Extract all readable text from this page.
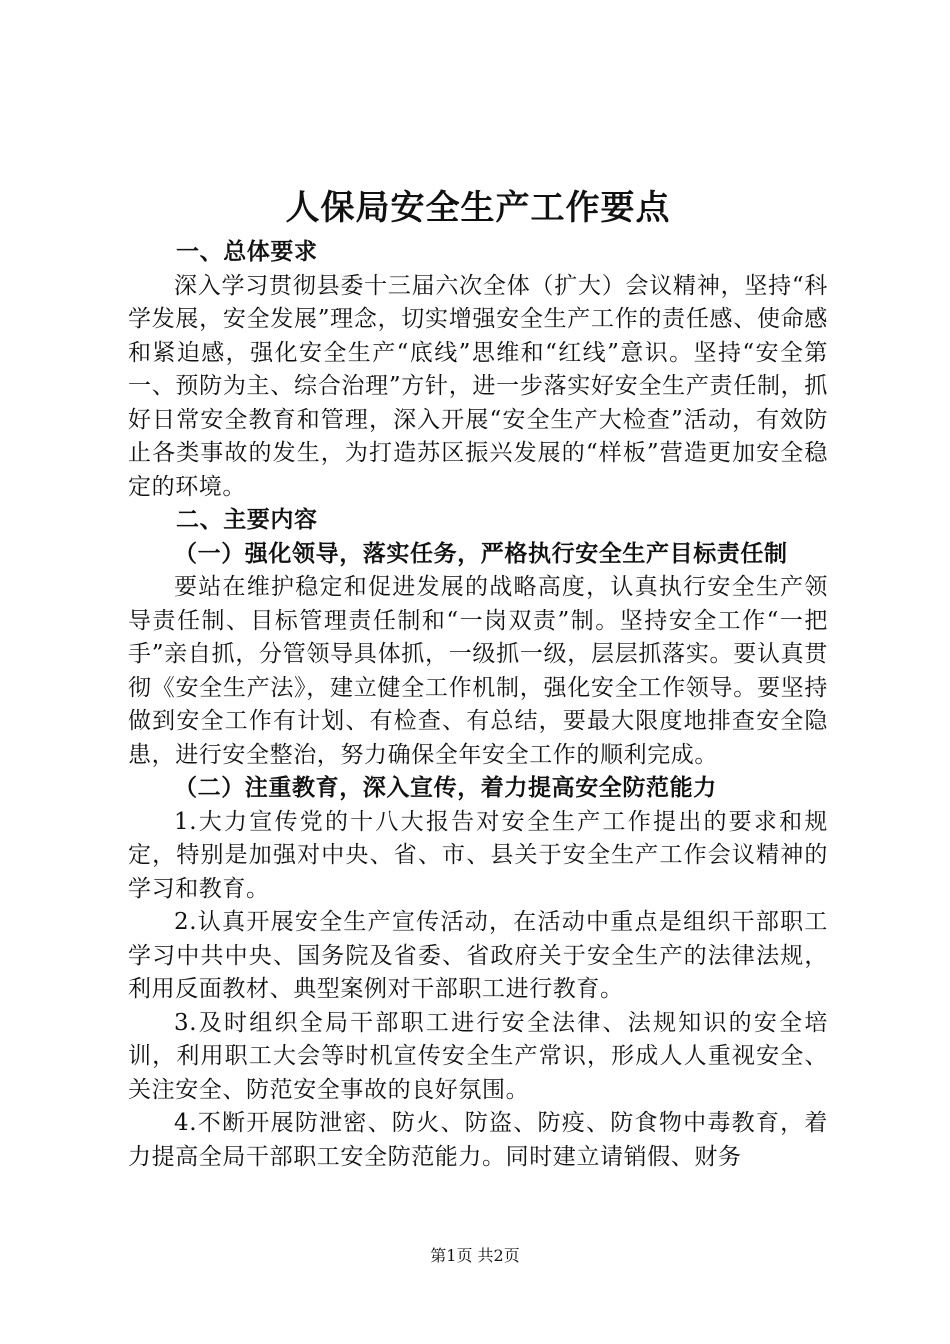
人保局安全生产工作要点

一、总体要求

深入学习贯彻县委十三届六次全体（扩大）会议精神，坚持“科学发展，安全发展”理念，切实增强安全生产工作的责任感、使命感和紧迫感，强化安全生产“底线”思维和“红线”意识。坚持“安全第一、预防为主、综合治理”方针，进一步落实好安全生产责任制，抓好日常安全教育和管理，深入开展“安全生产大检查”活动，有效防止各类事故的发生，为打造苏区振兴发展的“样板”营造更加安全稳定的环境。

二、主要内容

（一）强化领导，落实任务，严格执行安全生产目标责任制

要站在维护稳定和促进发展的战略高度，认真执行安全生产领导责任制、目标管理责任制和“一岗双责”制。坚持安全工作“一把手”亲自抓，分管领导具体抓，一级抓一级，层层抓落实。要认真贯彻《安全生产法》，建立健全工作机制，强化安全工作领导。要坚持做到安全工作有计划、有检查、有总结，要最大限度地排查安全隐患，进行安全整治，努力确保全年安全工作的顺利完成。

（二）注重教育，深入宣传，着力提高安全防范能力

1.大力宣传党的十八大报告对安全生产工作提出的要求和规定，特别是加强对中央、省、市、县关于安全生产工作会议精神的学习和教育。

2.认真开展安全生产宣传活动，在活动中重点是组织干部职工学习中共中央、国务院及省委、省政府关于安全生产的法律法规，利用反面教材、典型案例对干部职工进行教育。

3.及时组织全局干部职工进行安全法律、法规知识的安全培训，利用职工大会等时机宣传安全生产常识，形成人人重视安全、关注安全、防范安全事故的良好氛围。

4.不断开展防泄密、防火、防盗、防疫、防食物中毒教育，着力提高全局干部职工安全防范能力。同时建立请销假、财务

第1页 共2页
